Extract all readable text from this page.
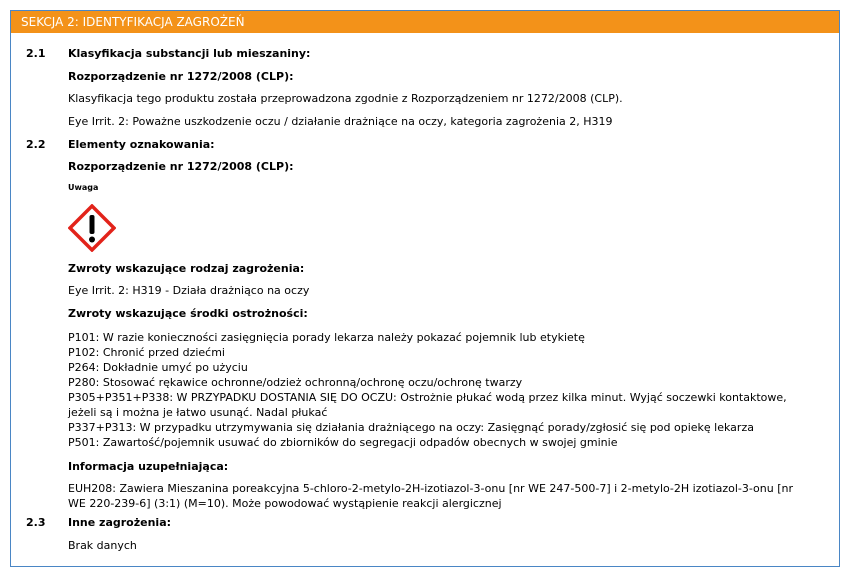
SEKCJA 2: IDENTYFIKACJA ZAGROŻEŃ
2.1 Klasyfikacja substancji lub mieszaniny:
Rozporządzenie nr 1272/2008 (CLP):
Klasyfikacja tego produktu została przeprowadzona zgodnie z Rozporządzeniem nr 1272/2008 (CLP).
Eye Irrit. 2: Poważne uszkodzenie oczu / działanie drażniące na oczy, kategoria zagrożenia 2, H319
2.2 Elementy oznakowania:
Rozporządzenie nr 1272/2008 (CLP):
Uwaga
Zwroty wskazujące rodzaj zagrożenia:
Eye Irrit. 2: H319 - Działa drażniąco na oczy
Zwroty wskazujące środki ostrożności:
P101: W razie konieczności zasięgnięcia porady lekarza należy pokazać pojemnik lub etykietę
P102: Chronić przed dziećmi
P264: Dokładnie umyć po użyciu
P280: Stosować rękawice ochronne/odzież ochronną/ochronę oczu/ochronę twarzy
P305+P351+P338: W PRZYPADKU DOSTANIA SIĘ DO OCZU: Ostrożnie płukać wodą przez kilka minut. Wyjąć soczewki kontaktowe,
jeżeli są i można je łatwo usunąć. Nadal płukać
P337+P313: W przypadku utrzymywania się działania drażniącego na oczy: Zasięgnąć porady/zgłosić się pod opiekę lekarza
P501: Zawartość/pojemnik usuwać do zbiorników do segregacji odpadów obecnych w swojej gminie
Informacja uzupełniająca:
EUH208: Zawiera Mieszanina poreakcyjna 5-chloro-2-metylo-2H-izotiazol-3-onu [nr WE 247-500-7] i 2-metylo-2H izotiazol-3-onu [nr
WE 220-239-6] (3:1) (M=10). Może powodować wystąpienie reakcji alergicznej
2.3 Inne zagrożenia:
Brak danych
